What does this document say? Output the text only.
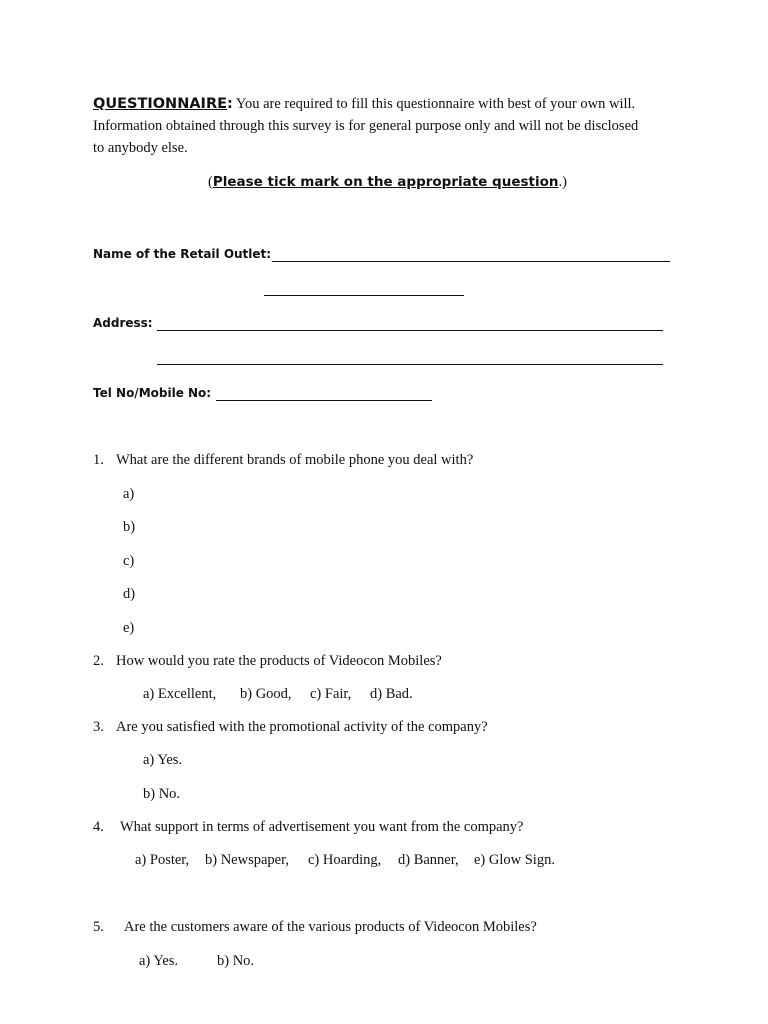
QUESTIONNAIRE: You are required to fill this questionnaire with best of your own will.
Information obtained through this survey is for general purpose only and will not be disclosed
to anybody else.
(Please tick mark on the appropriate question.)
Name of the Retail Outlet:
Address:
Tel No/Mobile No:
1. What are the different brands of mobile phone you deal with?
a)
b)
c)
d)
e)
2. How would you rate the products of Videocon Mobiles?
a) Excellent, b) Good, c) Fair, d) Bad.
3. Are you satisfied with the promotional activity of the company?
a) Yes.
b) No.
4. What support in terms of advertisement you want from the company?
a) Poster, b) Newspaper, c) Hoarding, d) Banner, e) Glow Sign.
5. Are the customers aware of the various products of Videocon Mobiles?
a) Yes.	b) No.
